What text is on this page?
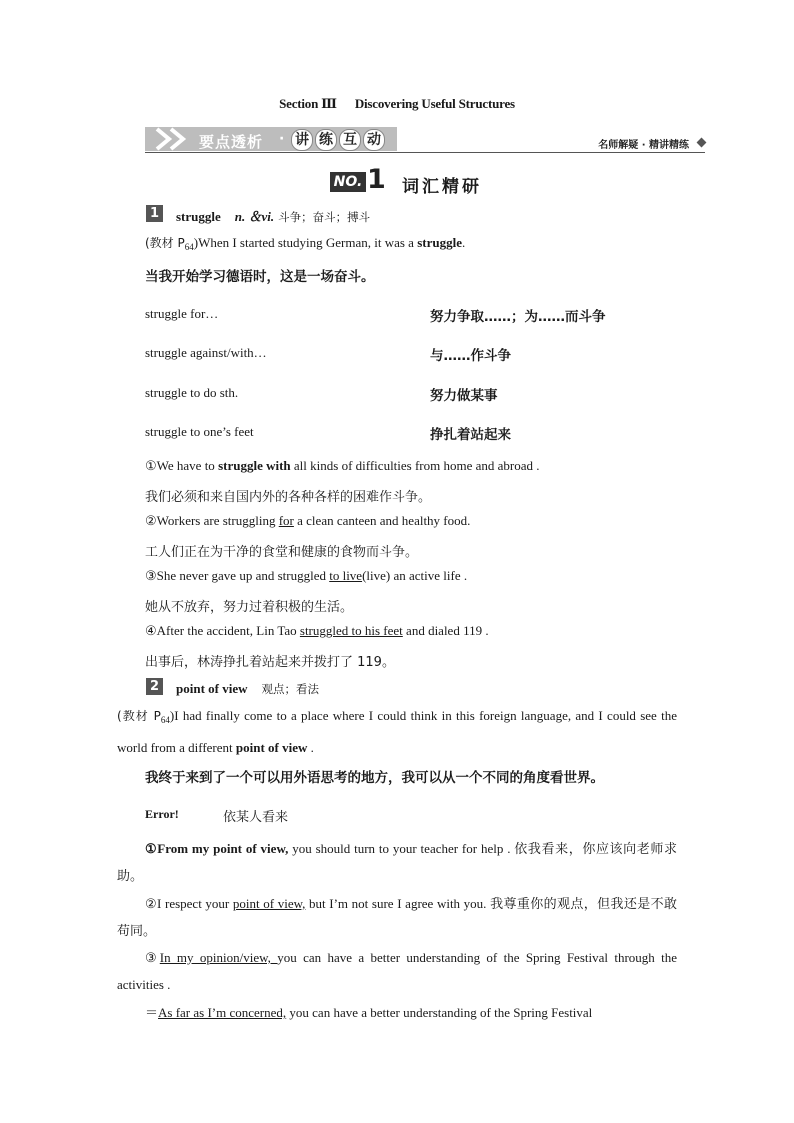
Section Ⅲ Discovering Useful Structures
要点透析 · 讲 练 互 动	名师解疑 · 精讲精练
NO. 1 词汇精研
1	struggle n. ＆vi. 斗争；奋斗；搏斗
(教材 $P_{64})When$ I started studying German, it was a struggle.
当我开始学习德语时，这是一场奋斗。
struggle for…	努力争取……；为……而斗争
struggle against/with…	与……作斗争
struggle to do sth.	努力做某事
struggle to one’s feet	挣扎着站起来
①We have to struggle with all kinds of difficulties from home and abroad .
我们必须和来自国内外的各种各样的困难作斗争。
②Workers are struggling for a clean canteen and healthy food.
工人们正在为干净的食堂和健康的食物而斗争。
③She never gave up and struggled to live(live) an active life .
她从不放弃，努力过着积极的生活。
④After the accident, Lin Tao struggled to his feet and dialed 119 .
出事后，林涛挣扎着站起来并拨打了 119。
2	point of view 观点；看法
(教材 $P_{64})I$ had finally come to a place where I could think in this foreign language, and I could see the world from a different point of view .
我终于来到了一个可以用外语思考的地方，我可以从一个不同的角度看世界。
Error!	依某人看来
①From my point of view, you should turn to your teacher for help . 依我看来，你应该向老师求助。
②I respect your point of view, but I’m not sure I agree with you. 我尊重你的观点，但我还是不敢苟同。
③In my opinion/view, you can have a better understanding of the Spring Festival through the activities .
＝As far as I’m concerned, you can have a better understanding of the Spring Festival
